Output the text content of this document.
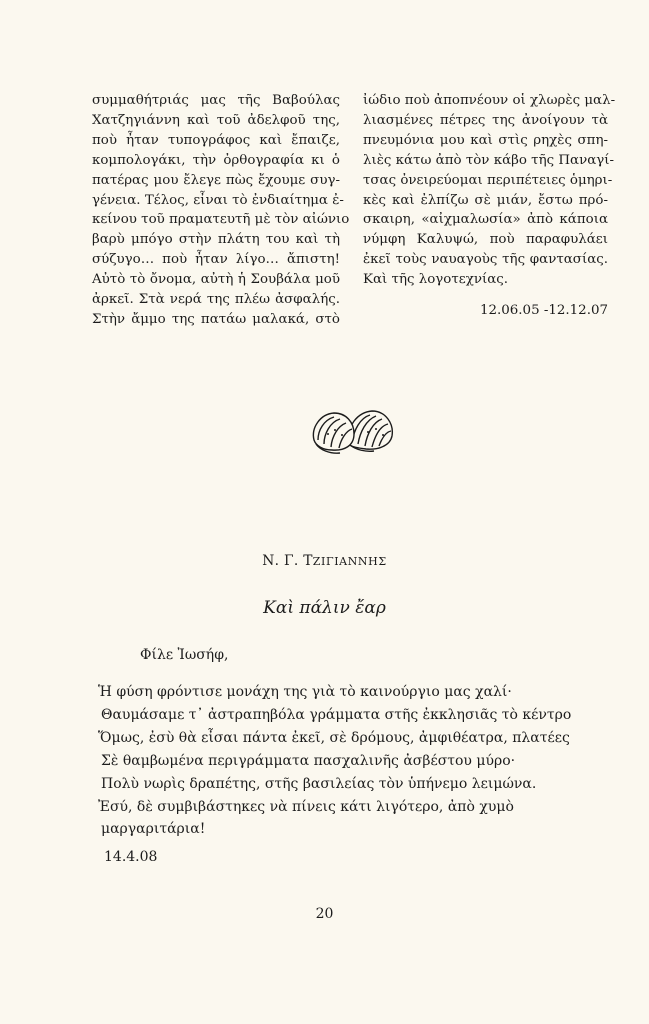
συμμαθήτριάς μας τῆς Βαβούλας
Χατζηγιάννη καὶ τοῦ ἀδελφοῦ της,
ποὺ ἦταν τυπογράφος καὶ ἔπαιζε,
κομπολογάκι, τὴν ὀρθογραφία κι ὁ
πατέρας μου ἔλεγε πὼς ἔχουμε συγ-
γένεια. Τέλος, εἶναι τὸ ἐνδιαίτημα ἐ-
κείνου τοῦ πραματευτῆ μὲ τὸν αἰώνιο
βαρὺ μπόγο στὴν πλάτη του καὶ τὴ
σύζυγο… ποὺ ἦταν λίγο… ἄπιστη!
Αὐτὸ τὸ ὄνομα, αὐτὴ ἡ Σουβάλα μοῦ
ἀρκεῖ. Στὰ νερά της πλέω ἀσφαλής.
Στὴν ἄμμο της πατάω μαλακά, στὸ
ἰώδιο ποὺ ἀποπνέουν οἱ χλωρὲς μαλ-
λιασμένες πέτρες της ἀνοίγουν τὰ
πνευμόνια μου καὶ στὶς ρηχὲς σπη-
λιὲς κάτω ἀπὸ τὸν κάβο τῆς Παναγί-
τσας ὀνειρεύομαι περιπέτειες ὁμηρι-
κὲς καὶ ἐλπίζω σὲ μιάν, ἔστω πρό-
σκαιρη, «αἰχμαλωσία» ἀπὸ κάποια
νύμφη Καλυψώ, ποὺ παραφυλάει
ἐκεῖ τοὺς ναυαγοὺς τῆς φαντασίας.
Καὶ τῆς λογοτεχνίας.
12.06.05 -12.12.07
Ν. Γ. ΤΖΙΓΙΑΝΝΗΣ
Καὶ πάλιν ἔαρ
Φίλε Ἰωσήφ,
Ἡ φύση φρόντισε μονάχη της γιὰ τὸ καινούργιο μας χαλί·
Θαυμάσαμε τ᾽ ἀστραπηβόλα γράμματα στῆς ἐκκλησιᾶς τὸ κέντρο
Ὅμως, ἐσὺ θὰ εἶσαι πάντα ἐκεῖ, σὲ δρόμους, ἀμφιθέατρα, πλατέες
Σὲ θαμβωμένα περιγράμματα πασχαλινῆς ἀσβέστου μύρο·
Πολὺ νωρὶς δραπέτης, στῆς βασιλείας τὸν ὑπήνεμο λειμώνα.
Ἐσύ, δὲ συμβιβάστηκες νὰ πίνεις κάτι λιγότερο, ἀπὸ χυμὸ
μαργαριτάρια!
14.4.08
20
